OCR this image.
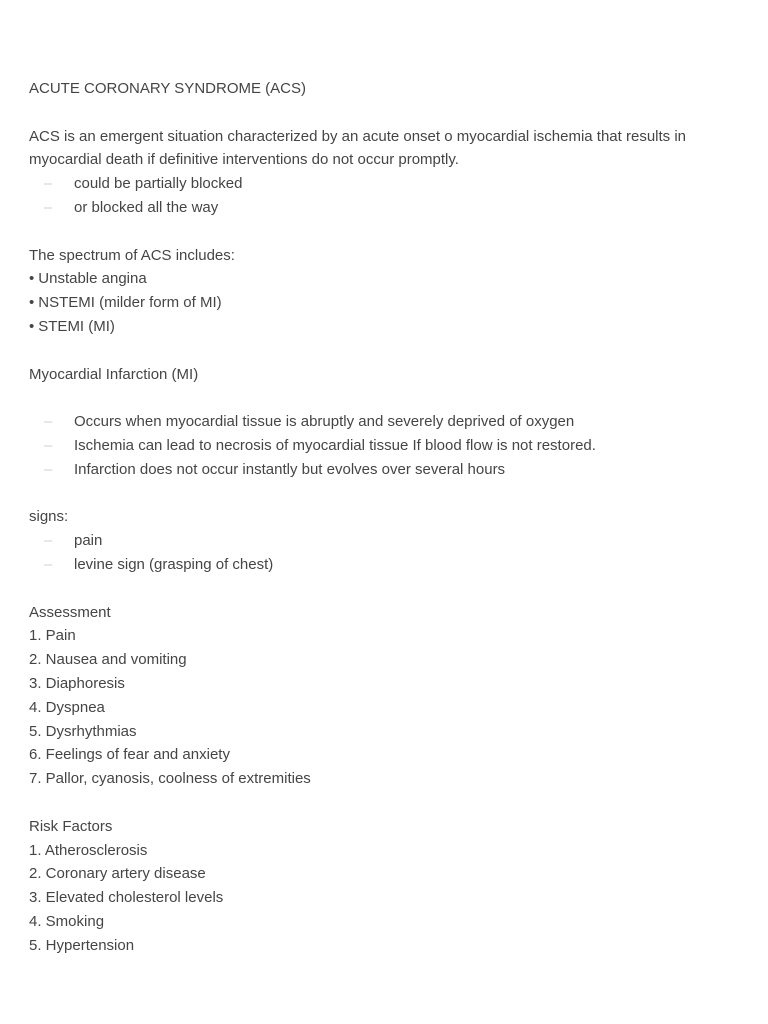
ACUTE CORONARY SYNDROME (ACS)
ACS is an emergent situation characterized by an acute onset o myocardial ischemia that results in myocardial death if definitive interventions do not occur promptly.
–	could be partially blocked
–	or blocked all the way
The spectrum of ACS includes:
• Unstable angina
• NSTEMI (milder form of MI)
• STEMI (MI)
Myocardial Infarction (MI)
–	Occurs when myocardial tissue is abruptly and severely deprived of oxygen
–	Ischemia can lead to necrosis of myocardial tissue If blood flow is not restored.
–	Infarction does not occur instantly but evolves over several hours
signs:
–	pain
–	levine sign (grasping of chest)
Assessment
1. Pain
2. Nausea and vomiting
3. Diaphoresis
4. Dyspnea
5. Dysrhythmias
6. Feelings of fear and anxiety
7. Pallor, cyanosis, coolness of extremities
Risk Factors
1. Atherosclerosis
2. Coronary artery disease
3. Elevated cholesterol levels
4. Smoking
5. Hypertension
